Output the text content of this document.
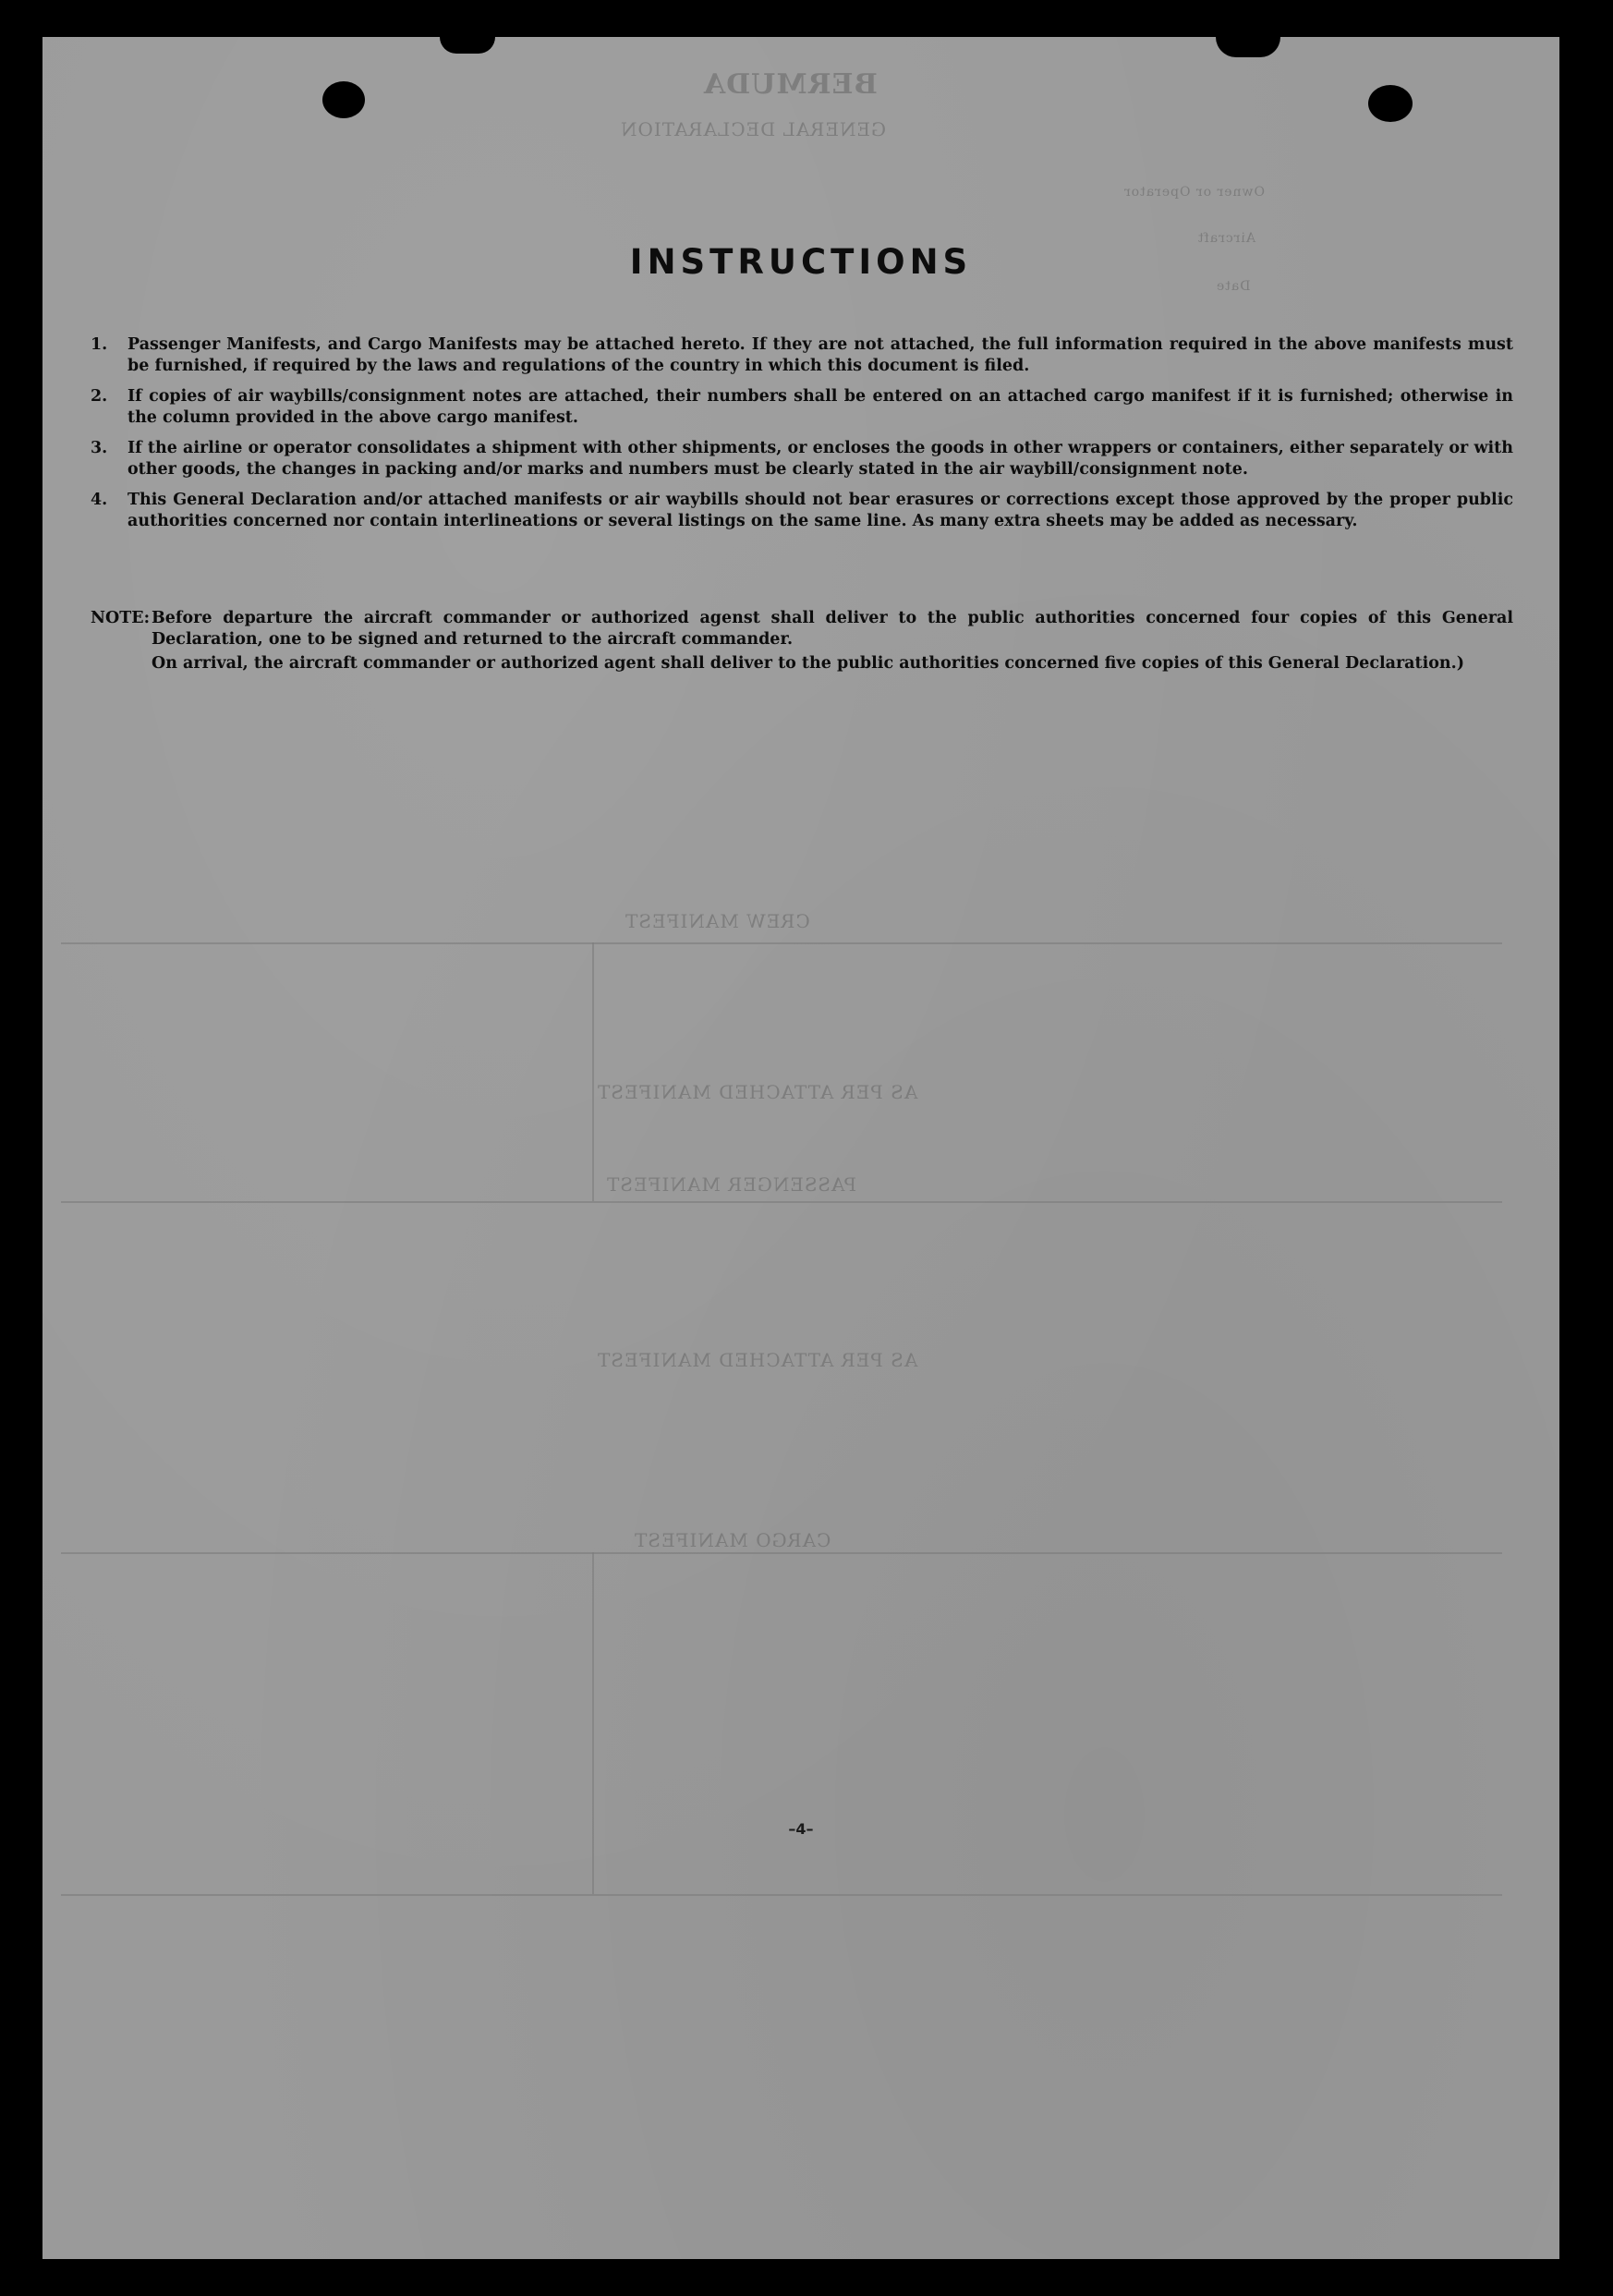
BERMUDA
GENERAL DECLARATION
Owner or Operator
Aircraft
Date
CREW MANIFEST
AS PER ATTACHED MANIFEST
PASSENGER MANIFEST
AS PER ATTACHED MANIFEST
CARGO MANIFEST
INSTRUCTIONS
1.	Passenger Manifests, and Cargo Manifests may be attached hereto. If they are not attached, the full information required in the above manifests must be furnished, if required by the laws and regulations of the country in which this document is filed.
2.	If copies of air waybills/consignment notes are attached, their numbers shall be entered on an attached cargo manifest if it is furnished; otherwise in the column provided in the above cargo manifest.
3.	If the airline or operator consolidates a shipment with other shipments, or encloses the goods in other wrappers or containers, either separately or with other goods, the changes in packing and/or marks and numbers must be clearly stated in the air waybill/consignment note.
4.	This General Declaration and/or attached manifests or air waybills should not bear erasures or corrections except those approved by the proper public authorities concerned nor contain interlineations or several listings on the same line. As many extra sheets may be added as necessary.
NOTE: Before departure the aircraft commander or authorized agenst shall deliver to the public authorities concerned four copies of this General Declaration, one to be signed and returned to the aircraft commander.
On arrival, the aircraft commander or authorized agent shall deliver to the public authorities concerned five copies of this General Declaration.)
–4–
